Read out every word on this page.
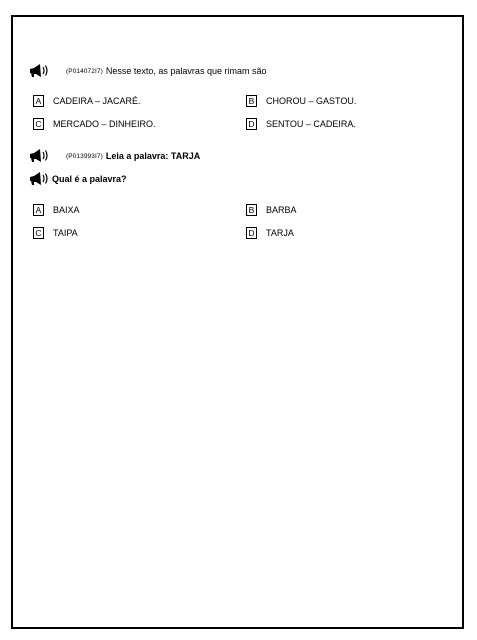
(P014072I7) Nesse texto, as palavras que rimam são
A CADEIRA – JACARÉ.	B CHOROU – GASTOU.
C MERCADO – DINHEIRO.	D SENTOU – CADEIRA.
(P013993I7) Leia a palavra: TARJA
Qual é a palavra?
A BAIXA	B BARBA
C TAIPA	D TARJA
